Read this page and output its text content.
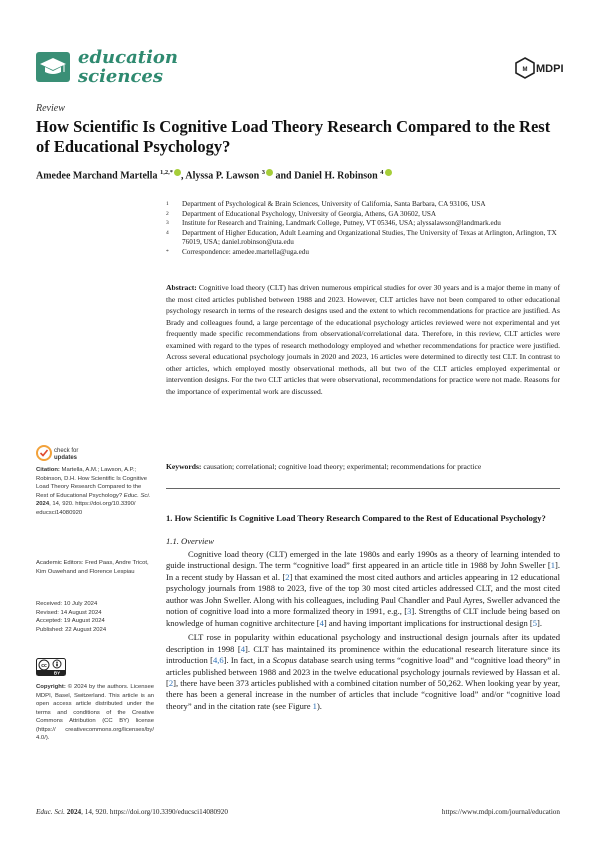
education
sciences	M MDPI
Review
How Scientific Is Cognitive Load Theory Research Compared to the Rest of Educational Psychology?
Amedee Marchand Martella $^{1,2,*}$ , Alyssa P. Lawson $^3$ and Daniel H. Robinson $^4$
1	Department of Psychological & Brain Sciences, University of California, Santa Barbara, CA 93106, USA
2	Department of Educational Psychology, University of Georgia, Athens, GA 30602, USA
3	Institute for Research and Training, Landmark College, Putney, VT 05346, USA; alyssalawson@landmark.edu
4	Department of Higher Education, Adult Learning and Organizational Studies, The University of Texas at Arlington, Arlington, TX 76019, USA; daniel.robinson@uta.edu
*	Correspondence: amedee.martella@uga.edu
Abstract: Cognitive load theory (CLT) has driven numerous empirical studies for over 30 years and is a major theme in many of the most cited articles published between 1988 and 2023. However, CLT articles have not been compared to other educational psychology research in terms of the research designs used and the extent to which recommendations for practice are justified. As Brady and colleagues found, a large percentage of the educational psychology articles reviewed were not experimental and yet frequently made specific recommendations from observational/correlational data. Therefore, in this review, CLT articles were examined with regard to the types of research methodology employed and whether recommendations for practice were justified. Across several educational psychology journals in 2020 and 2023, 16 articles were determined to directly test CLT. In contrast to other articles, which employed mostly observational methods, all but two of the CLT articles employed experimental or intervention designs. For the two CLT articles that were observational, recommendations for practice were not made. Reasons for the importance of experimental work are discussed.
Keywords: causation; correlational; cognitive load theory; experimental; recommendations for practice
check for
updates
Citation: Martella, A.M.; Lawson, A.P.; Robinson, D.H. How Scientific Is Cognitive Load Theory Research Compared to the Rest of Educational Psychology? Educ. Sci. 2024, 14, 920. https://doi.org/10.3390/ educsci14080920
Academic Editors: Fred Paas, Andre Tricot, Kim Ouwehand and Florence Lespiau
Received: 10 July 2024
Revised: 14 August 2024
Accepted: 19 August 2024
Published: 22 August 2024
cc
BY
Copyright: © 2024 by the authors. Licensee MDPI, Basel, Switzerland. This article is an open access article distributed under the terms and conditions of the Creative Commons Attribution (CC BY) license (https:// creativecommons.org/licenses/by/ 4.0/).
1. How Scientific Is Cognitive Load Theory Research Compared to the Rest of Educational Psychology?
1.1. Overview

Cognitive load theory (CLT) emerged in the late 1980s and early 1990s as a theory of learning intended to guide instructional design. The term “cognitive load” first appeared in an article title in 1988 by John Sweller [1]. In a recent study by Hassan et al. [2] that examined the most cited authors and articles appearing in 12 educational psychology journals from 1988 to 2023, five of the top 30 most cited articles addressed CLT, and the most cited author was John Sweller. Along with his colleagues, including Paul Chandler and Paul Ayres, Sweller advanced the notion of cognitive load into a more formalized theory in 1991, e.g., [3]. Strengths of CLT include being based on knowledge of human cognitive architecture [4] and having important implications for instructional design [5].

CLT rose in popularity within educational psychology and instructional design journals after its updated description in 1998 [4]. CLT has maintained its prominence within the educational research literature since its introduction [4,6]. In fact, in a Scopus database search using terms “cognitive load” and “cognitive load theory” in articles published between 1988 and 2023 in the twelve educational psychology journals reviewed by Hassan et al. [2], there have been 373 articles published with a combined citation number of 50,262. When looking year by year, there has been a general increase in the number of articles that include “cognitive load” and/or “cognitive load theory” and in the citation rate (see Figure 1).

Educ. Sci. 2024, 14, 920. https://doi.org/10.3390/educsci14080920	https://www.mdpi.com/journal/education
